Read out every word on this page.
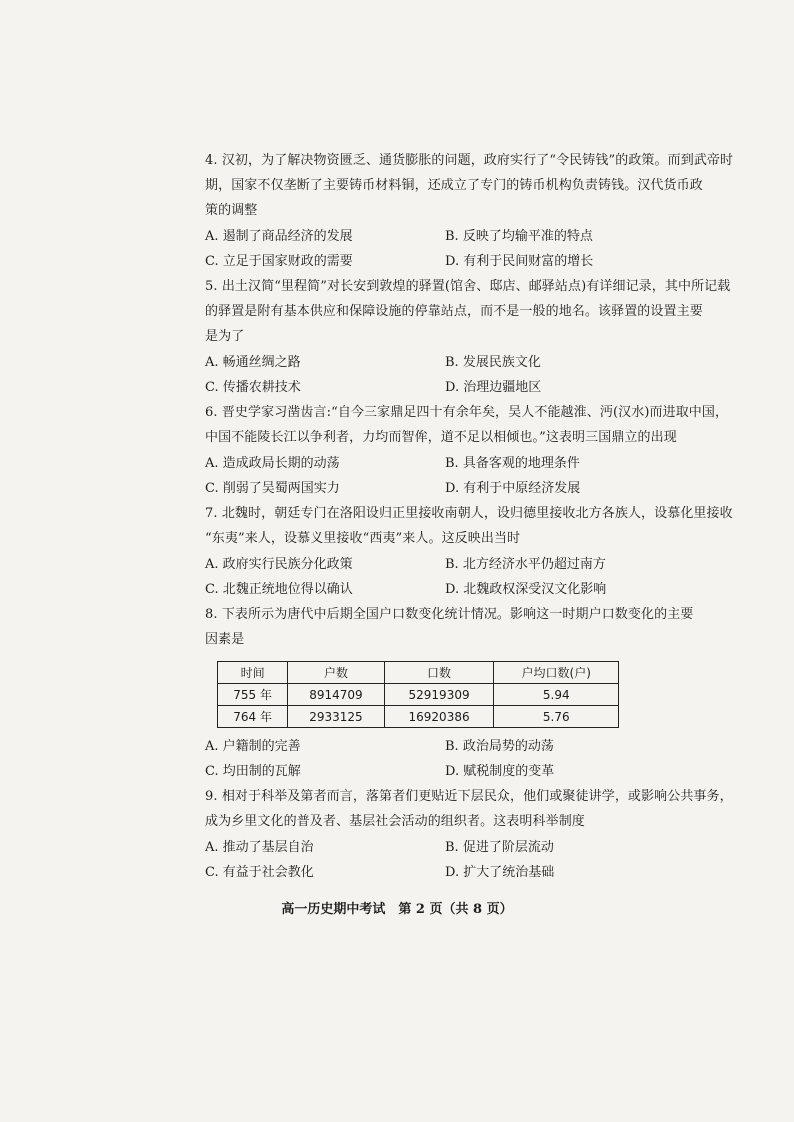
4. 汉初，为了解决物资匮乏、通货膨胀的问题，政府实行了“令民铸钱”的政策。而到武帝时
期，国家不仅垄断了主要铸币材料铜，还成立了专门的铸币机构负责铸钱。汉代货币政
策的调整
A. 遏制了商品经济的发展	B. 反映了均输平准的特点
C. 立足于国家财政的需要	D. 有利于民间财富的增长
5. 出土汉简“里程简”对长安到敦煌的驿置(馆舍、邸店、邮驿站点)有详细记录，其中所记载
的驿置是附有基本供应和保障设施的停靠站点，而不是一般的地名。该驿置的设置主要
是为了
A. 畅通丝绸之路	B. 发展民族文化
C. 传播农耕技术	D. 治理边疆地区
6. 晋史学家习凿齿言:“自今三家鼎足四十有余年矣，吴人不能越淮、沔(汉水)而进取中国，
中国不能陵长江以争利者，力均而智侔，道不足以相倾也。”这表明三国鼎立的出现
A. 造成政局长期的动荡	B. 具备客观的地理条件
C. 削弱了吴蜀两国实力	D. 有利于中原经济发展
7. 北魏时，朝廷专门在洛阳设归正里接收南朝人，设归德里接收北方各族人，设慕化里接收
“东夷”来人，设慕义里接收“西夷”来人。这反映出当时
A. 政府实行民族分化政策	B. 北方经济水平仍超过南方
C. 北魏正统地位得以确认	D. 北魏政权深受汉文化影响
8. 下表所示为唐代中后期全国户口数变化统计情况。影响这一时期户口数变化的主要
因素是
时间	户数	口数	户均口数(户)
755 年	8914709	52919309	5.94
764 年	2933125	16920386	5.76
A. 户籍制的完善	B. 政治局势的动荡
C. 均田制的瓦解	D. 赋税制度的变革
9. 相对于科举及第者而言，落第者们更贴近下层民众，他们或聚徒讲学，或影响公共事务，
成为乡里文化的普及者、基层社会活动的组织者。这表明科举制度
A. 推动了基层自治	B. 促进了阶层流动
C. 有益于社会教化	D. 扩大了统治基础
高一历史期中考试　第 2 页（共 8 页）
